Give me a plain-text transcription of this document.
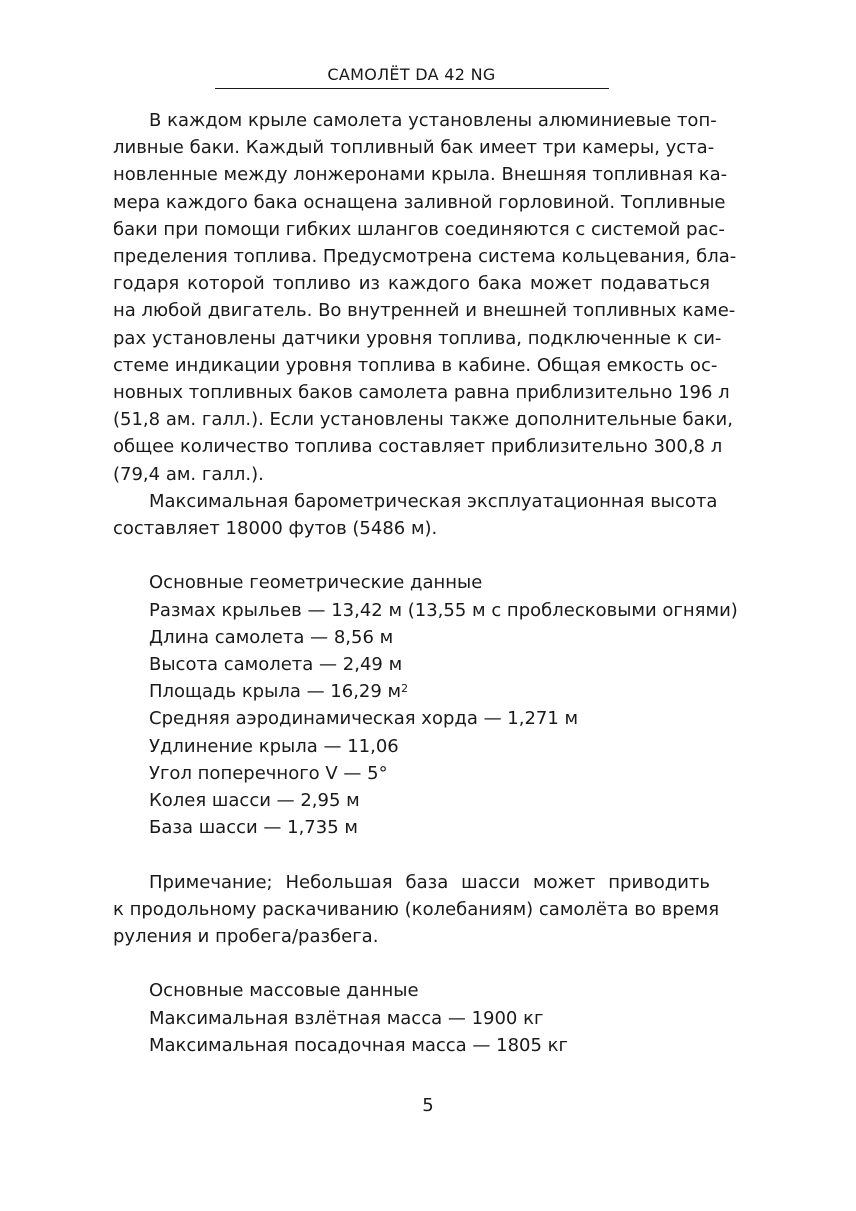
САМОЛЁТ DA 42 NG
В каждом крыле самолета установлены алюминиевые топ-
ливные баки. Каждый топливный бак имеет три камеры, уста-
новленные между лонжеронами крыла. Внешняя топливная ка-
мера каждого бака оснащена заливной горловиной. Топливные
баки при помощи гибких шлангов соединяются с системой рас-
пределения топлива. Предусмотрена система кольцевания, бла-
годаря которой топливо из каждого бака может подаваться
на любой двигатель. Во внутренней и внешней топливных каме-
рах установлены датчики уровня топлива, подключенные к си-
стеме индикации уровня топлива в кабине. Общая емкость ос-
новных топливных баков самолета равна приблизительно 196 л
(51,8 ам. галл.). Если установлены также дополнительные баки,
общее количество топлива составляет приблизительно 300,8 л
(79,4 ам. галл.).
Максимальная барометрическая эксплуатационная высота
составляет 18000 футов (5486 м).
Основные геометрические данные
Размах крыльев — 13,42 м (13,55 м с проблесковыми огнями)
Длина самолета — 8,56 м
Высота самолета — 2,49 м
Площадь крыла — 16,29 $м^2$
Средняя аэродинамическая хорда — 1,271 м
Удлинение крыла — 11,06
Угол поперечного V — 5°
Колея шасси — 2,95 м
База шасси — 1,735 м
Примечание; Небольшая база шасси может приводить
к продольному раскачиванию (колебаниям) самолёта во время
руления и пробега/разбега.
Основные массовые данные
Максимальная взлётная масса — 1900 кг
Максимальная посадочная масса — 1805 кг
5
